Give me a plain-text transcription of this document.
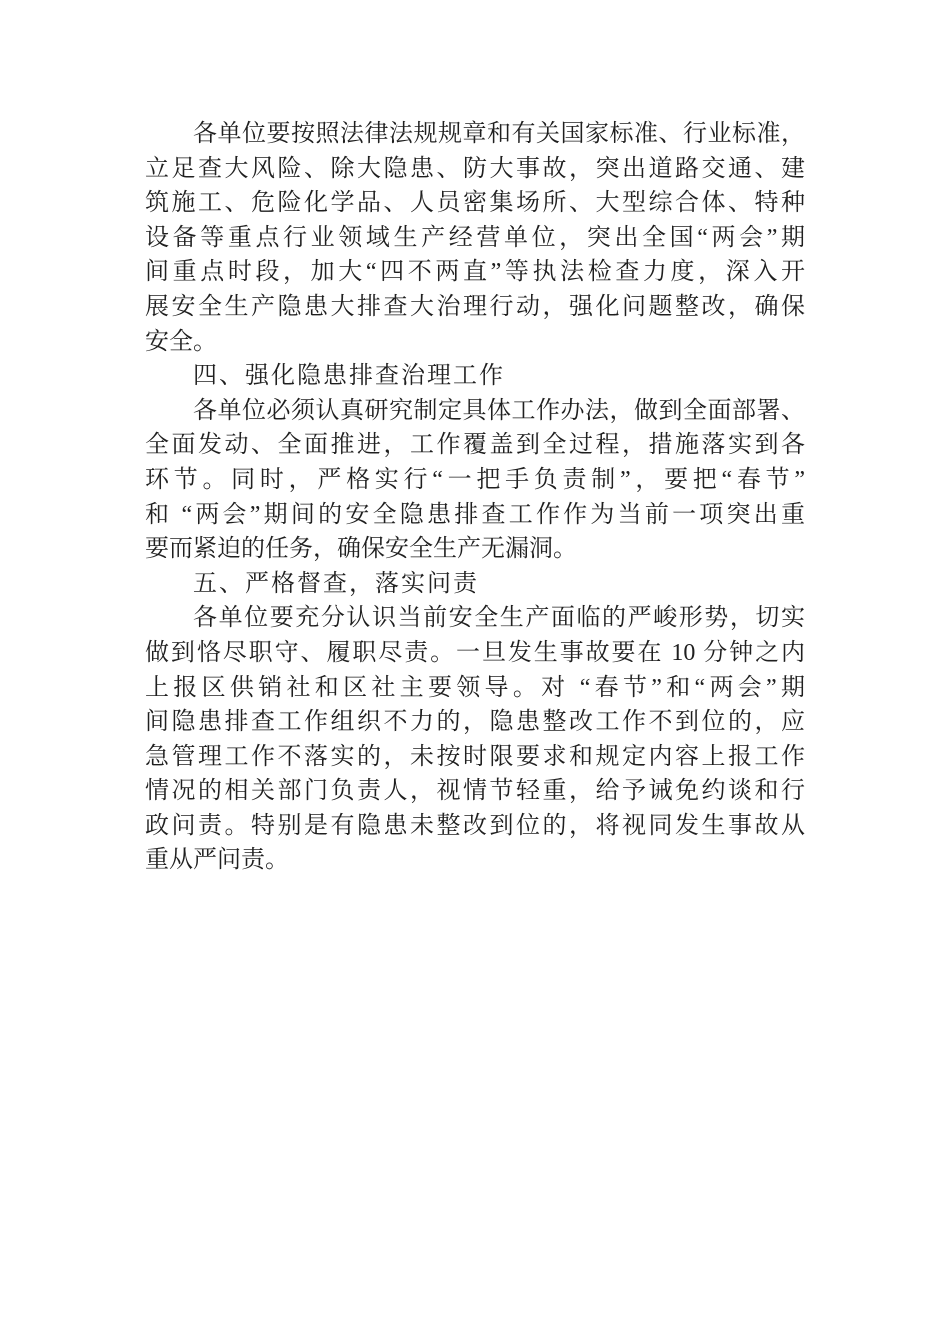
各单位要按照法律法规规章和有关国家标准、行业标准，
立足查大风险、除大隐患、防大事故，突出道路交通、建
筑施工、危险化学品、人员密集场所、大型综合体、特种
设备等重点行业领域生产经营单位，突出全国“两会”期
间重点时段，加大“四不两直”等执法检查力度，深入开
展安全生产隐患大排查大治理行动，强化问题整改，确保
安全。
四、强化隐患排查治理工作
各单位必须认真研究制定具体工作办法，做到全面部署、
全面发动、全面推进，工作覆盖到全过程，措施落实到各
环节。同时，严格实行“一把手负责制”，要把“春节”
和 “两会”期间的安全隐患排查工作作为当前一项突出重
要而紧迫的任务，确保安全生产无漏洞。
五、严格督查，落实问责
各单位要充分认识当前安全生产面临的严峻形势，切实
做到恪尽职守、履职尽责。一旦发生事故要在 10 分钟之内
上报区供销社和区社主要领导。对 “春节”和“两会”期
间隐患排查工作组织不力的，隐患整改工作不到位的，应
急管理工作不落实的，未按时限要求和规定内容上报工作
情况的相关部门负责人，视情节轻重，给予诫免约谈和行
政问责。特别是有隐患未整改到位的，将视同发生事故从
重从严问责。
